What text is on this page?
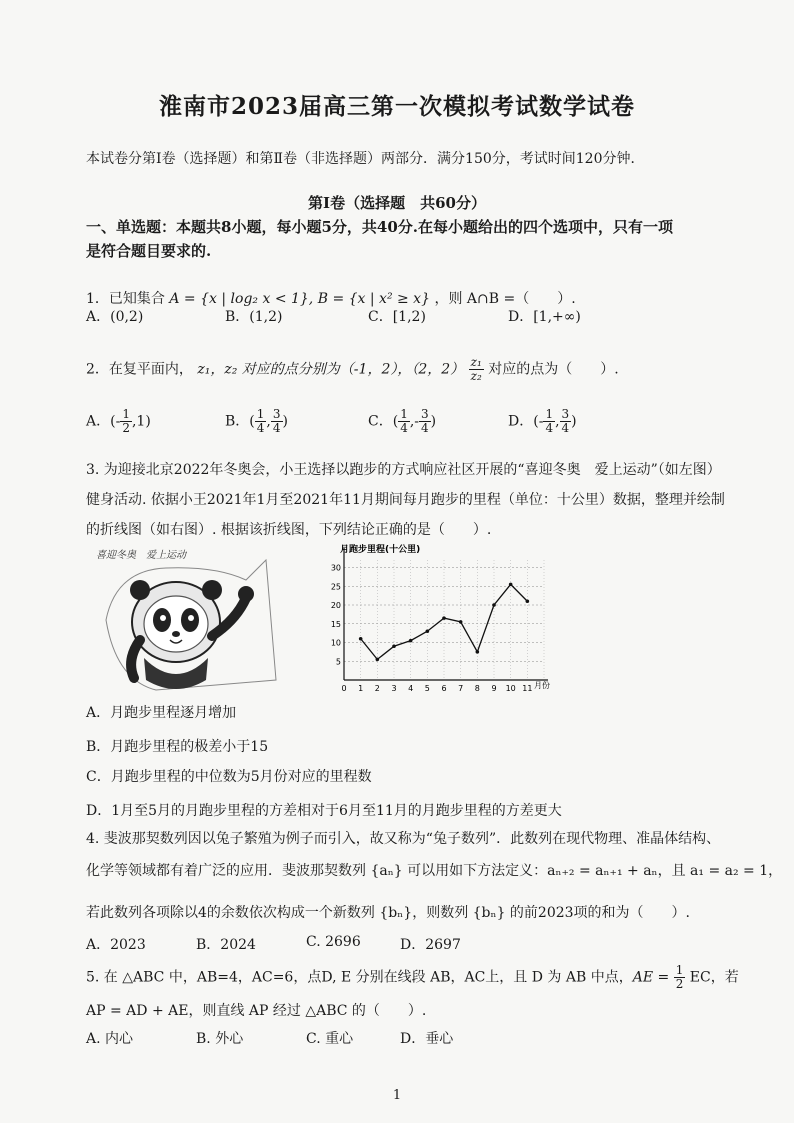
淮南市2023届高三第一次模拟考试数学试卷
本试卷分第Ⅰ卷（选择题）和第Ⅱ卷（非选择题）两部分．满分150分，考试时间120分钟．
第Ⅰ卷（选择题　共60分）
一、单选题：本题共8小题，每小题5分，共40分.在每小题给出的四个选项中，只有一项
是符合题目要求的.
1．已知集合 A = {x | log₂ x < 1}, B = {x | x² ≥ x} ，则 A∩B =（　　）.
A．(0,2)	B．(1,2)	C．[1,2)	D．[1,+∞)
2．在复平面内， z₁，z₂ 对应的点分别为（-1，2），（2，$2) \frac{\text{z₁}}{\text{z₂}}$ 对应的点为（　　）.
A．(- $\frac{1}{2} ,1$)	B．( $\frac{1}{4}$ , $\frac{3}{4}$ )	C．( $\frac{1}{4}$ ,- $\frac{3}{4}$ )	D．(- $\frac{1}{4}$ , $\frac{3}{4}$ )
3. 为迎接北京2022年冬奥会，小王选择以跑步的方式响应社区开展的“喜迎冬奥　爱上运动”（如左图）
健身活动. 依据小王2021年1月至2021年11月期间每月跑步的里程（单位：十公里）数据，整理并绘制
的折线图（如右图）. 根据该折线图，下列结论正确的是（　　）.
喜迎冬奥　爱上运动
5
10
15
20
25
30
0 1 2 3 4 5 6 7 8 9 10 11
月跑步里程(十公里)
月份
A．月跑步里程逐月增加
B．月跑步里程的极差小于15
C．月跑步里程的中位数为5月份对应的里程数
D．1月至5月的月跑步里程的方差相对于6月至11月的月跑步里程的方差更大
4. 斐波那契数列因以兔子繁殖为例子而引入，故又称为“兔子数列”．此数列在现代物理、准晶体结构、
化学等领域都有着广泛的应用．斐波那契数列 {aₙ} 可以用如下方法定义：aₙ₊₂ = aₙ₊₁ + aₙ，且 a₁ = a₂ = 1，
若此数列各项除以4的余数依次构成一个新数列 {bₙ}，则数列 {bₙ} 的前2023项的和为（　　）.
A．2023	B．2024	C. 2696	D．2697
5. 在 △ABC 中，AB=4，AC=6，点D, E 分别在线段 AB，AC上，且 D 为 AB 中点，AE = $\frac{1}{2}$ EC，若
AP = AD + AE，则直线 AP 经过 △ABC 的（　　）.
A. 内心	B. 外心	C. 重心	D．垂心
1
